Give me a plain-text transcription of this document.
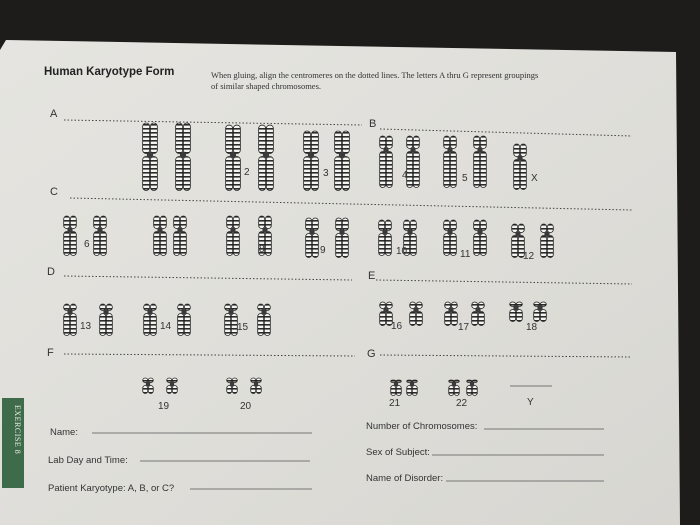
Human Karyotype Form	When gluing, align the centromeres on the dotted lines. The letters A thru G represent groupings
of similar shaped chromosomes.
A
B
C
D	E
F	G
2	3	4	5	X
6	8	9	10	11	12
13	14	15	16	17	18
19	20	21	22	Y
Name:
Lab Day and Time:
Patient Karyotype: A, B, or C?
Number of Chromosomes:
Sex of Subject:
Name of Disorder:
EXERCISE 8
99
